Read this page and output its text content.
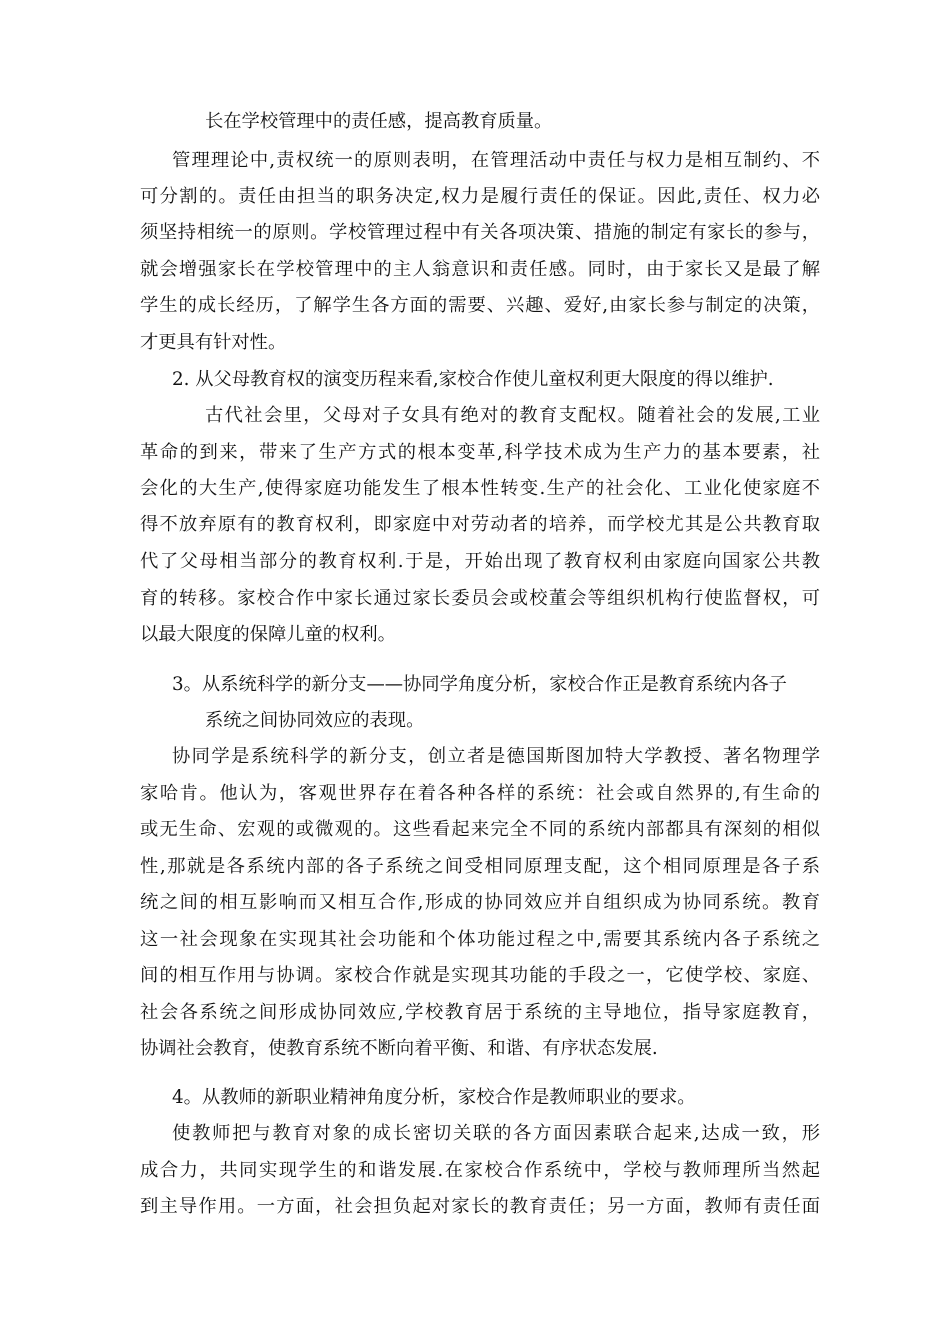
长在学校管理中的责任感，提高教育质量。
管理理论中,责权统一的原则表明，在管理活动中责任与权力是相互制约、不
可分割的。责任由担当的职务决定,权力是履行责任的保证。因此,责任、权力必
须坚持相统一的原则。学校管理过程中有关各项决策、措施的制定有家长的参与，
就会增强家长在学校管理中的主人翁意识和责任感。同时，由于家长又是最了解
学生的成长经历，了解学生各方面的需要、兴趣、爱好,由家长参与制定的决策，
才更具有针对性。
2. 从父母教育权的演变历程来看,家校合作使儿童权利更大限度的得以维护.
古代社会里，父母对子女具有绝对的教育支配权。随着社会的发展,工业
革命的到来，带来了生产方式的根本变革,科学技术成为生产力的基本要素，社
会化的大生产,使得家庭功能发生了根本性转变.生产的社会化、工业化使家庭不
得不放弃原有的教育权利，即家庭中对劳动者的培养，而学校尤其是公共教育取
代了父母相当部分的教育权利.于是，开始出现了教育权利由家庭向国家公共教
育的转移。家校合作中家长通过家长委员会或校董会等组织机构行使监督权，可
以最大限度的保障儿童的权利。
3。从系统科学的新分支——协同学角度分析，家校合作正是教育系统内各子
系统之间协同效应的表现。
协同学是系统科学的新分支，创立者是德国斯图加特大学教授、著名物理学
家哈肯。他认为，客观世界存在着各种各样的系统：社会或自然界的,有生命的
或无生命、宏观的或微观的。这些看起来完全不同的系统内部都具有深刻的相似
性,那就是各系统内部的各子系统之间受相同原理支配，这个相同原理是各子系
统之间的相互影响而又相互合作,形成的协同效应并自组织成为协同系统。教育
这一社会现象在实现其社会功能和个体功能过程之中,需要其系统内各子系统之
间的相互作用与协调。家校合作就是实现其功能的手段之一，它使学校、家庭、
社会各系统之间形成协同效应,学校教育居于系统的主导地位，指导家庭教育，
协调社会教育，使教育系统不断向着平衡、和谐、有序状态发展.
4。从教师的新职业精神角度分析，家校合作是教师职业的要求。
使教师把与教育对象的成长密切关联的各方面因素联合起来,达成一致，形
成合力，共同实现学生的和谐发展.在家校合作系统中，学校与教师理所当然起
到主导作用。一方面，社会担负起对家长的教育责任；另一方面，教师有责任面
